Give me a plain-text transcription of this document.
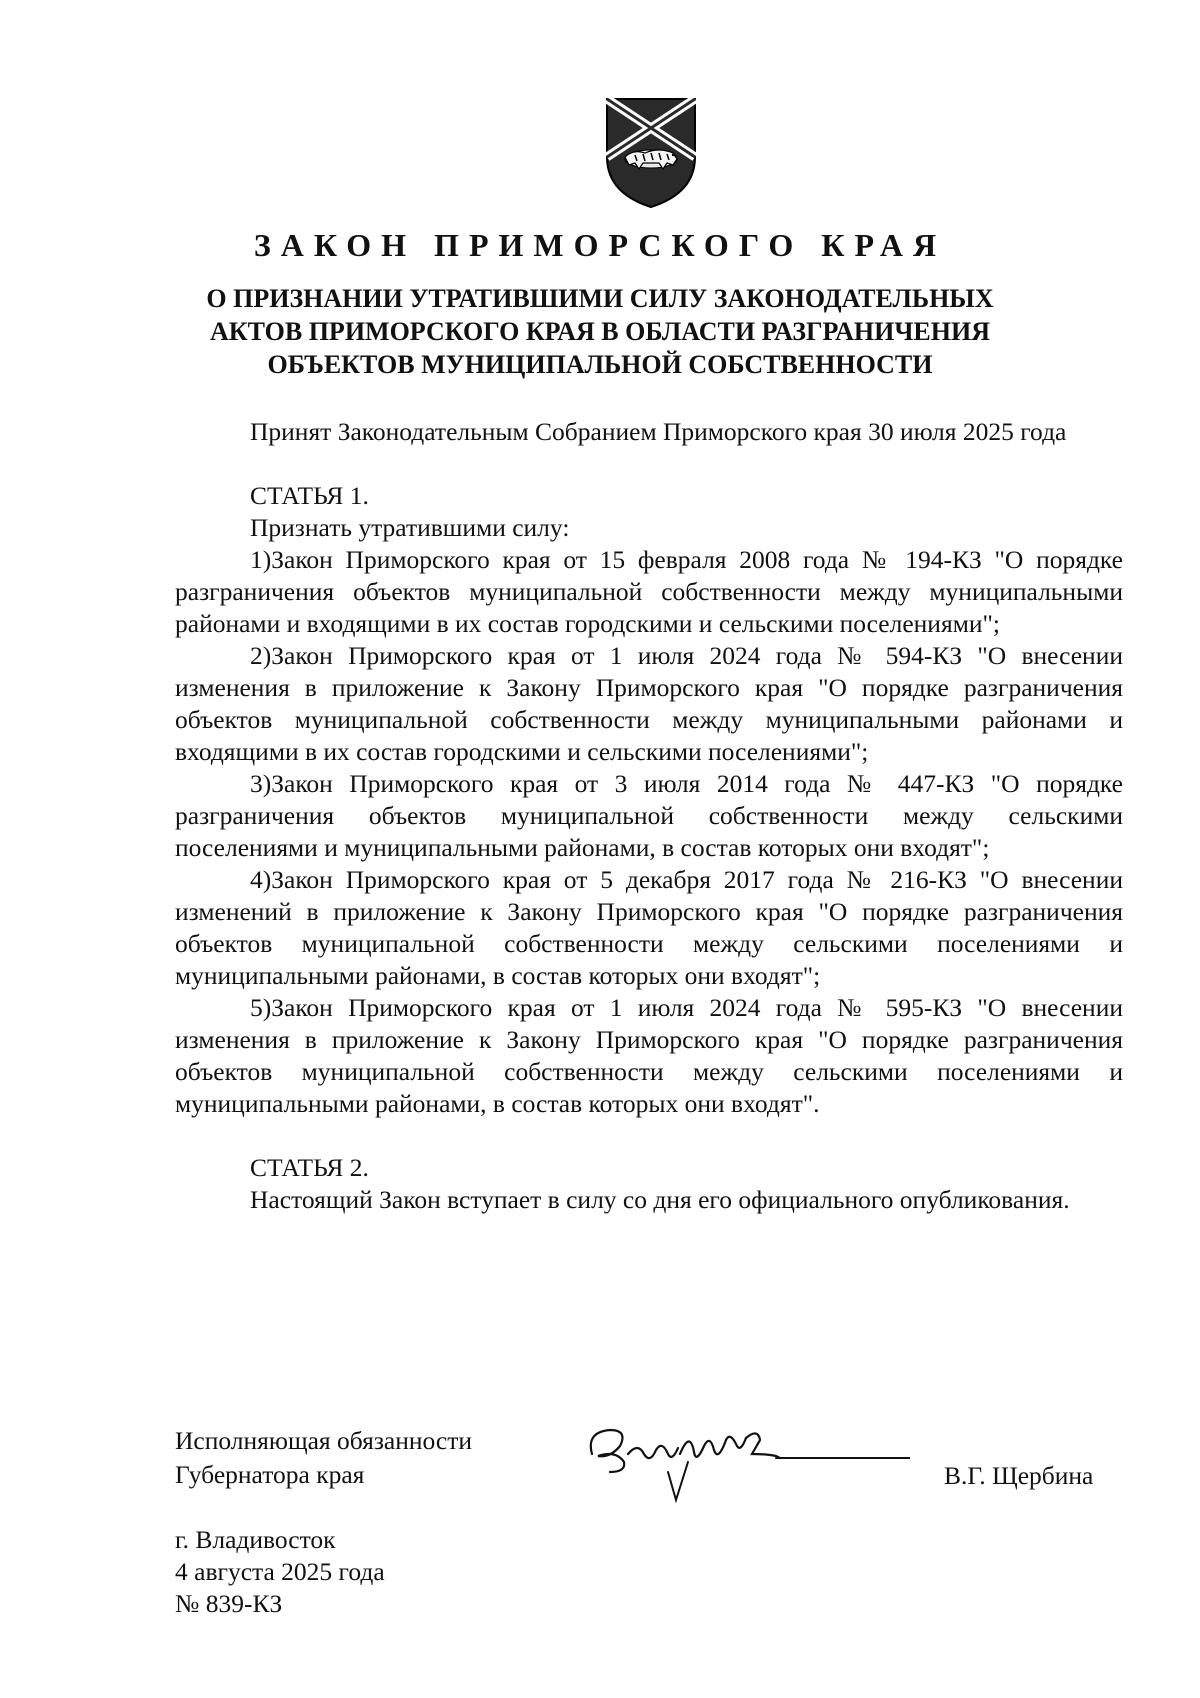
ЗАКОН ПРИМОРСКОГО КРАЯ
О ПРИЗНАНИИ УТРАТИВШИМИ СИЛУ ЗАКОНОДАТЕЛЬНЫХ
АКТОВ ПРИМОРСКОГО КРАЯ В ОБЛАСТИ РАЗГРАНИЧЕНИЯ
ОБЪЕКТОВ МУНИЦИПАЛЬНОЙ СОБСТВЕННОСТИ

Принят Законодательным Собранием Приморского края 30 июля 2025 года

СТАТЬЯ 1.

Признать утратившими силу:

1)Закон Приморского края от 15 февраля 2008 года № 194-КЗ "О порядке разграничения объектов муниципальной собственности между муниципальными районами и входящими в их состав городскими и сельскими поселениями";

2)Закон Приморского края от 1 июля 2024 года № 594-КЗ "О внесении изменения в приложение к Закону Приморского края "О порядке разграничения объектов муниципальной собственности между муниципальными районами и входящими в их состав городскими и сельскими поселениями";

3)Закон Приморского края от 3 июля 2014 года № 447-КЗ "О порядке разграничения объектов муниципальной собственности между сельскими поселениями и муниципальными районами, в состав которых они входят";

4)Закон Приморского края от 5 декабря 2017 года № 216-КЗ "О внесении изменений в приложение к Закону Приморского края "О порядке разграничения объектов муниципальной собственности между сельскими поселениями и муниципальными районами, в состав которых они входят";

5)Закон Приморского края от 1 июля 2024 года № 595-КЗ "О внесении изменения в приложение к Закону Приморского края "О порядке разграничения объектов муниципальной собственности между сельскими поселениями и муниципальными районами, в состав которых они входят".

СТАТЬЯ 2.

Настоящий Закон вступает в силу со дня его официального опубликования.

Исполняющая обязанности
Губернатора края	В.Г. Щербина
г. Владивосток
4 августа 2025 года
№ 839-КЗ
